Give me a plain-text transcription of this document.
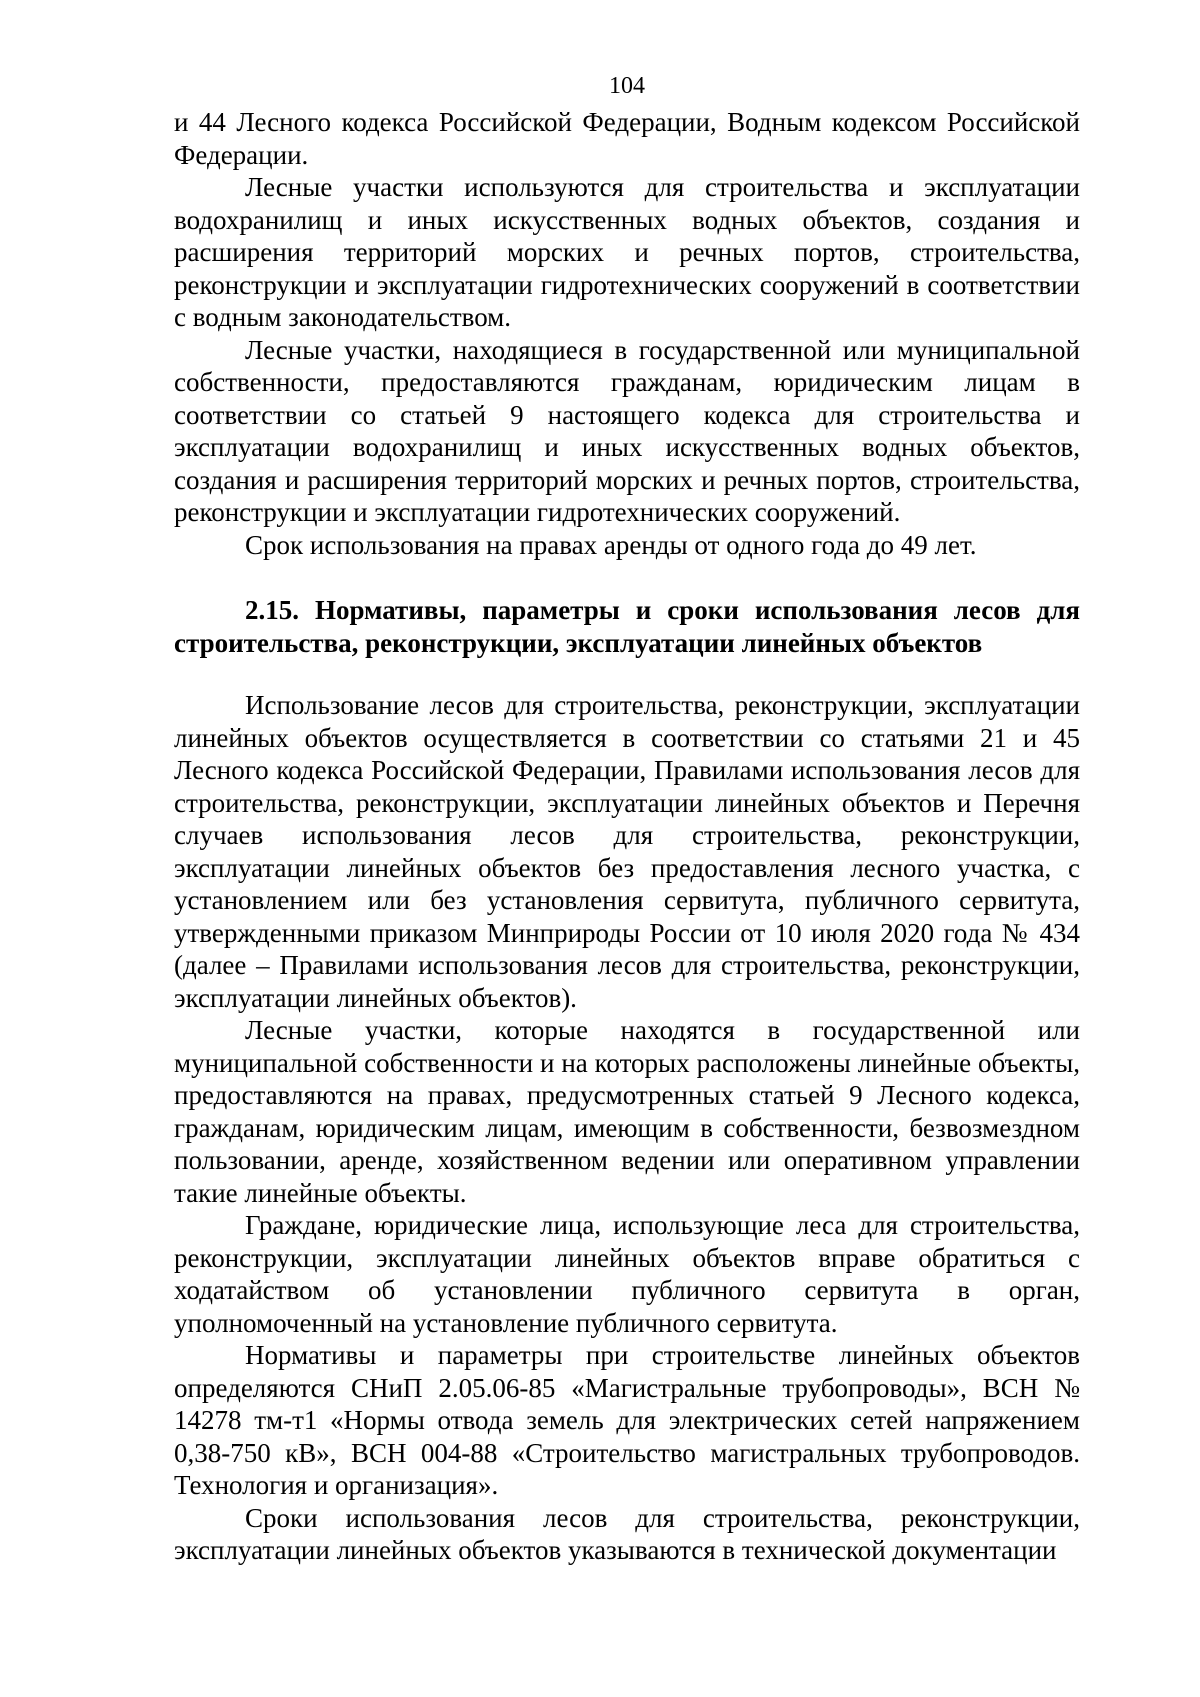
104

и 44 Лесного кодекса Российской Федерации, Водным кодексом Российской Федерации.

Лесные участки используются для строительства и эксплуатации водохранилищ и иных искусственных водных объектов, создания и расширения территорий морских и речных портов, строительства, реконструкции и эксплуатации гидротехнических сооружений в соответствии с водным законодательством.

Лесные участки, находящиеся в государственной или муниципальной собственности, предоставляются гражданам, юридическим лицам в соответствии со статьей 9 настоящего кодекса для строительства и эксплуатации водохранилищ и иных искусственных водных объектов, создания и расширения территорий морских и речных портов, строительства, реконструкции и эксплуатации гидротехнических сооружений.

Срок использования на правах аренды от одного года до 49 лет.

2.15. Нормативы, параметры и сроки использования лесов для строительства, реконструкции, эксплуатации линейных объектов

Использование лесов для строительства, реконструкции, эксплуатации линейных объектов осуществляется в соответствии со статьями 21 и 45 Лесного кодекса Российской Федерации, Правилами использования лесов для строительства, реконструкции, эксплуатации линейных объектов и Перечня случаев использования лесов для строительства, реконструкции, эксплуатации линейных объектов без предоставления лесного участка, с установлением или без установления сервитута, публичного сервитута, утвержденными приказом Минприроды России от 10 июля 2020 года № 434 (далее – Правилами использования лесов для строительства, реконструкции, эксплуатации линейных объектов).

Лесные участки, которые находятся в государственной или муниципальной собственности и на которых расположены линейные объекты, предоставляются на правах, предусмотренных статьей 9 Лесного кодекса, гражданам, юридическим лицам, имеющим в собственности, безвозмездном пользовании, аренде, хозяйственном ведении или оперативном управлении такие линейные объекты.

Граждане, юридические лица, использующие леса для строительства, реконструкции, эксплуатации линейных объектов вправе обратиться с ходатайством об установлении публичного сервитута в орган, уполномоченный на установление публичного сервитута.

Нормативы и параметры при строительстве линейных объектов определяются СНиП 2.05.06-85 «Магистральные трубопроводы», ВСН № 14278 тм-т1 «Нормы отвода земель для электрических сетей напряжением 0,38-750 кВ», ВСН 004-88 «Строительство магистральных трубопроводов. Технология и организация».

Сроки использования лесов для строительства, реконструкции, эксплуатации линейных объектов указываются в технической документации
